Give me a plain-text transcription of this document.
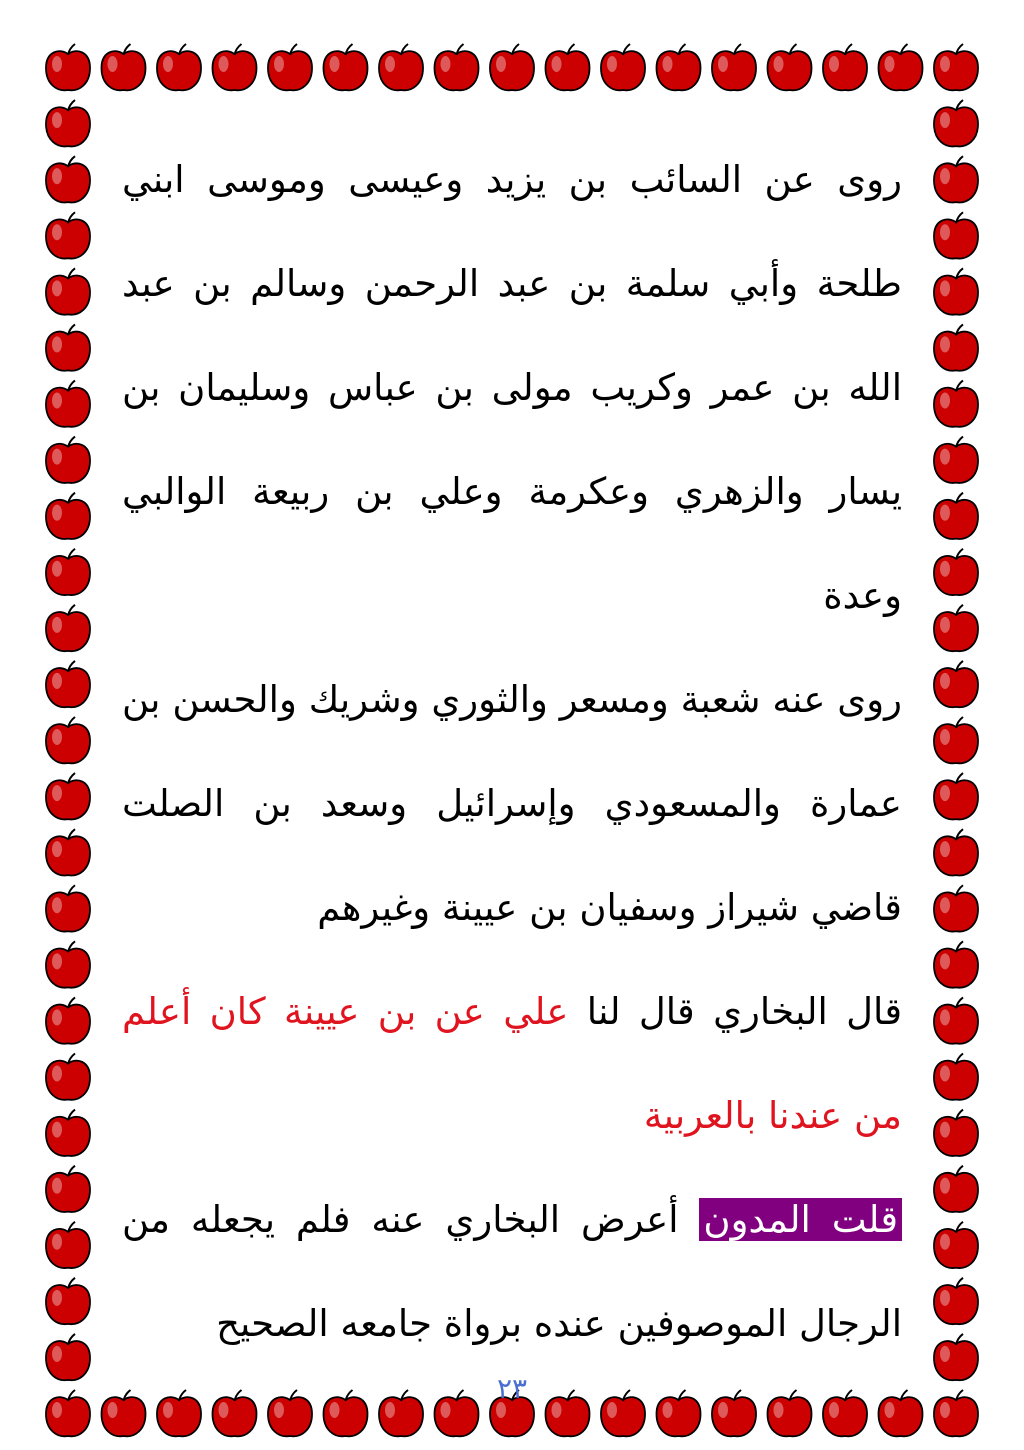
روى عن السائب بن يزيد وعيسى وموسى ابني طلحة وأبي سلمة بن عبد الرحمن وسالم بن عبد الله بن عمر وكريب مولى بن عباس وسليمان بن يسار والزهري وعكرمة وعلي بن ربيعة الوالبي وعدة

روى عنه شعبة ومسعر والثوري وشريك والحسن بن عمارة والمسعودي وإسرائيل وسعد بن الصلت قاضي شيراز وسفيان بن عيينة وغيرهم

قال البخاري قال لنا علي عن بن عيينة كان أعلم من عندنا بالعربية

قلت المدون أعرض البخاري عنه فلم يجعله من الرجال الموصوفين عنده برواة جامعه الصحيح

٢٣
